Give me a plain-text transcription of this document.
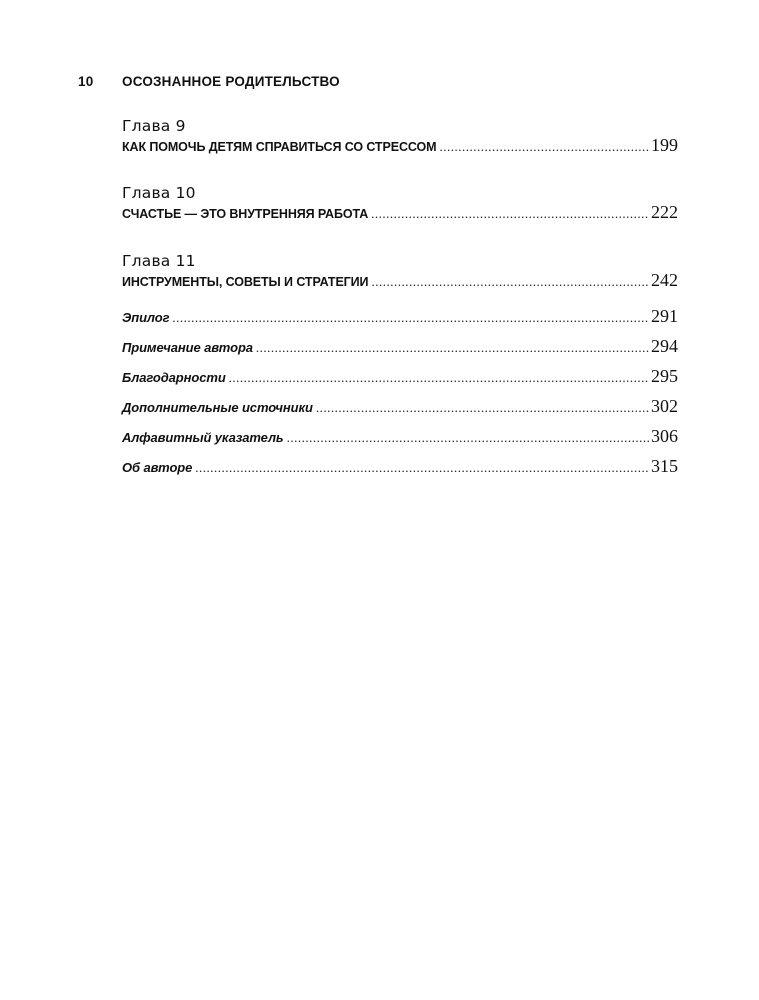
10 ОСОЗНАННОЕ РОДИТЕЛЬСТВО
Глава 9
КАК ПОМОЧЬ ДЕТЯМ СПРАВИТЬСЯ СО СТРЕССОМ .....	199
Глава 10
СЧАСТЬЕ — ЭТО ВНУТРЕННЯЯ РАБОТА .....	222
Глава 11
ИНСТРУМЕНТЫ, СОВЕТЫ И СТРАТЕГИИ .....	242
Эпилог .....	291
Примечание автора .....	294
Благодарности .....	295
Дополнительные источники .....	302
Алфавитный указатель .....	306
Об авторе .....	315
